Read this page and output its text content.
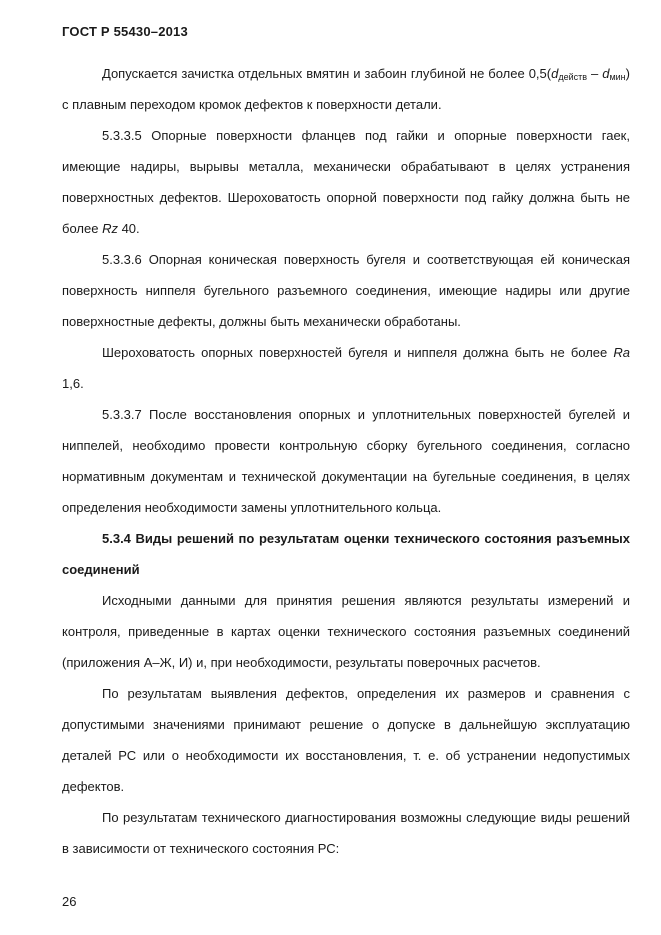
ГОСТ Р 55430–2013

Допускается зачистка отдельных вмятин и забоин глубиной не более $0,5(d_{действ} - d_{мин})$ с плавным переходом кромок дефектов к поверхности детали.

5.3.3.5 Опорные поверхности фланцев под гайки и опорные поверхности гаек, имеющие надиры, вырывы металла, механически обрабатывают в целях устранения поверхностных дефектов. Шероховатость опорной поверхности под гайку должна быть не более Rz 40.

5.3.3.6 Опорная коническая поверхность бугеля и соответствующая ей коническая поверхность ниппеля бугельного разъемного соединения, имеющие надиры или другие поверхностные дефекты, должны быть механически обработаны.

Шероховатость опорных поверхностей бугеля и ниппеля должна быть не более Ra 1,6.

5.3.3.7 После восстановления опорных и уплотнительных поверхностей бугелей и ниппелей, необходимо провести контрольную сборку бугельного соединения, согласно нормативным документам и технической документации на бугельные соединения, в целях определения необходимости замены уплотнительного кольца.

5.3.4 Виды решений по результатам оценки технического состояния разъемных соединений

Исходными данными для принятия решения являются результаты измерений и контроля, приведенные в картах оценки технического состояния разъемных соединений (приложения А–Ж, И) и, при необходимости, результаты поверочных расчетов.

По результатам выявления дефектов, определения их размеров и сравнения с допустимыми значениями принимают решение о допуске в дальнейшую эксплуатацию деталей РС или о необходимости их восстановления, т. е. об устранении недопустимых дефектов.

По результатам технического диагностирования возможны следующие виды решений в зависимости от технического состояния РС:

26
